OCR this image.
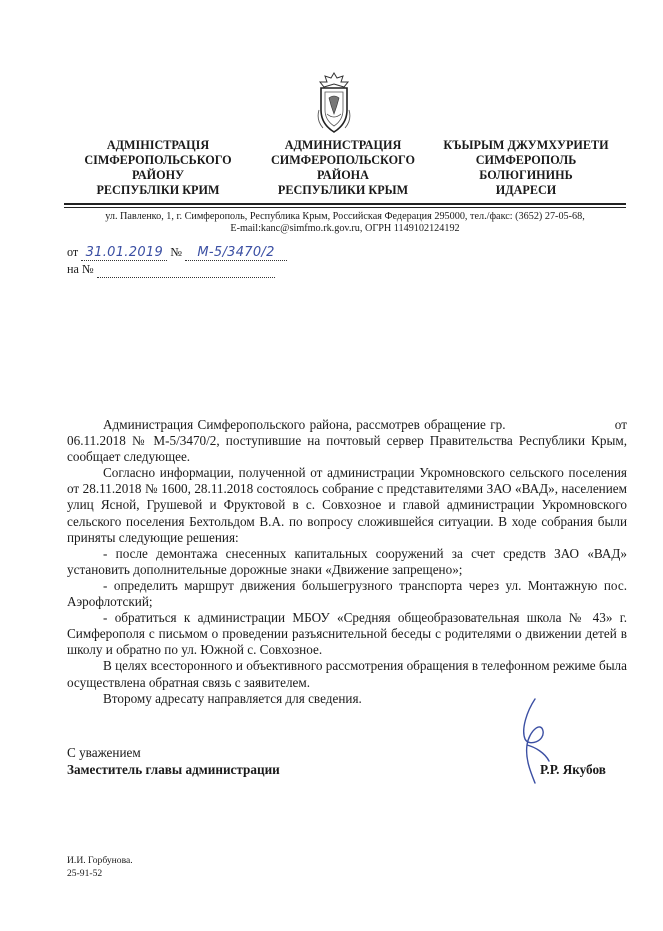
АДМІНІСТРАЦІЯ
СІМФЕРОПОЛЬСЬКОГО
РАЙОНУ
РЕСПУБЛІКИ КРИМ
АДМИНИСТРАЦИЯ
СИМФЕРОПОЛЬСКОГО
РАЙОНА
РЕСПУБЛИКИ КРЫМ
КЪЫРЫМ ДЖУМХУРИЕТИ
СИМФЕРОПОЛЬ
БОЛЮГИНИНЬ
ИДАРЕСИ
ул. Павленко, 1, г. Симферополь, Республика Крым, Российская Федерация 295000, тел./факс: (3652) 27-05-68,
E-mail:kanc@simfmo.rk.gov.ru, ОГРН 1149102124192
от 31.01.2019 № М-5/3470/2
на №

Администрация Симферопольского района, рассмотрев обращение гр.                         от 06.11.2018 № М-5/3470/2, поступившие на почтовый сервер Правительства Республики Крым, сообщает следующее.

Согласно информации, полученной от администрации Укромновского сельского поселения от 28.11.2018 № 1600, 28.11.2018 состоялось собрание с представителями ЗАО «ВАД», населением улиц Ясной, Грушевой и Фруктовой в с. Совхозное и главой администрации Укромновского сельского поселения Бехтольдом В.А. по вопросу сложившейся ситуации. В ходе собрания были приняты следующие решения:

- после демонтажа снесенных капитальных сооружений за счет средств ЗАО «ВАД» установить дополнительные дорожные знаки «Движение запрещено»;

- определить маршрут движения большегрузного транспорта через ул. Монтажную пос. Аэрофлотский;

- обратиться к администрации МБОУ «Средняя общеобразовательная школа № 43» г. Симферополя с письмом о проведении разъяснительной беседы с родителями о движении детей в школу и обратно по ул. Южной с. Совхозное.

В целях всесторонного и объективного рассмотрения обращения в телефонном режиме была осуществлена обратная связь с заявителем.

Второму адресату направляется для сведения.

С уважением
Заместитель главы администрации	Р.Р. Якубов
И.И. Горбунова.
25-91-52
